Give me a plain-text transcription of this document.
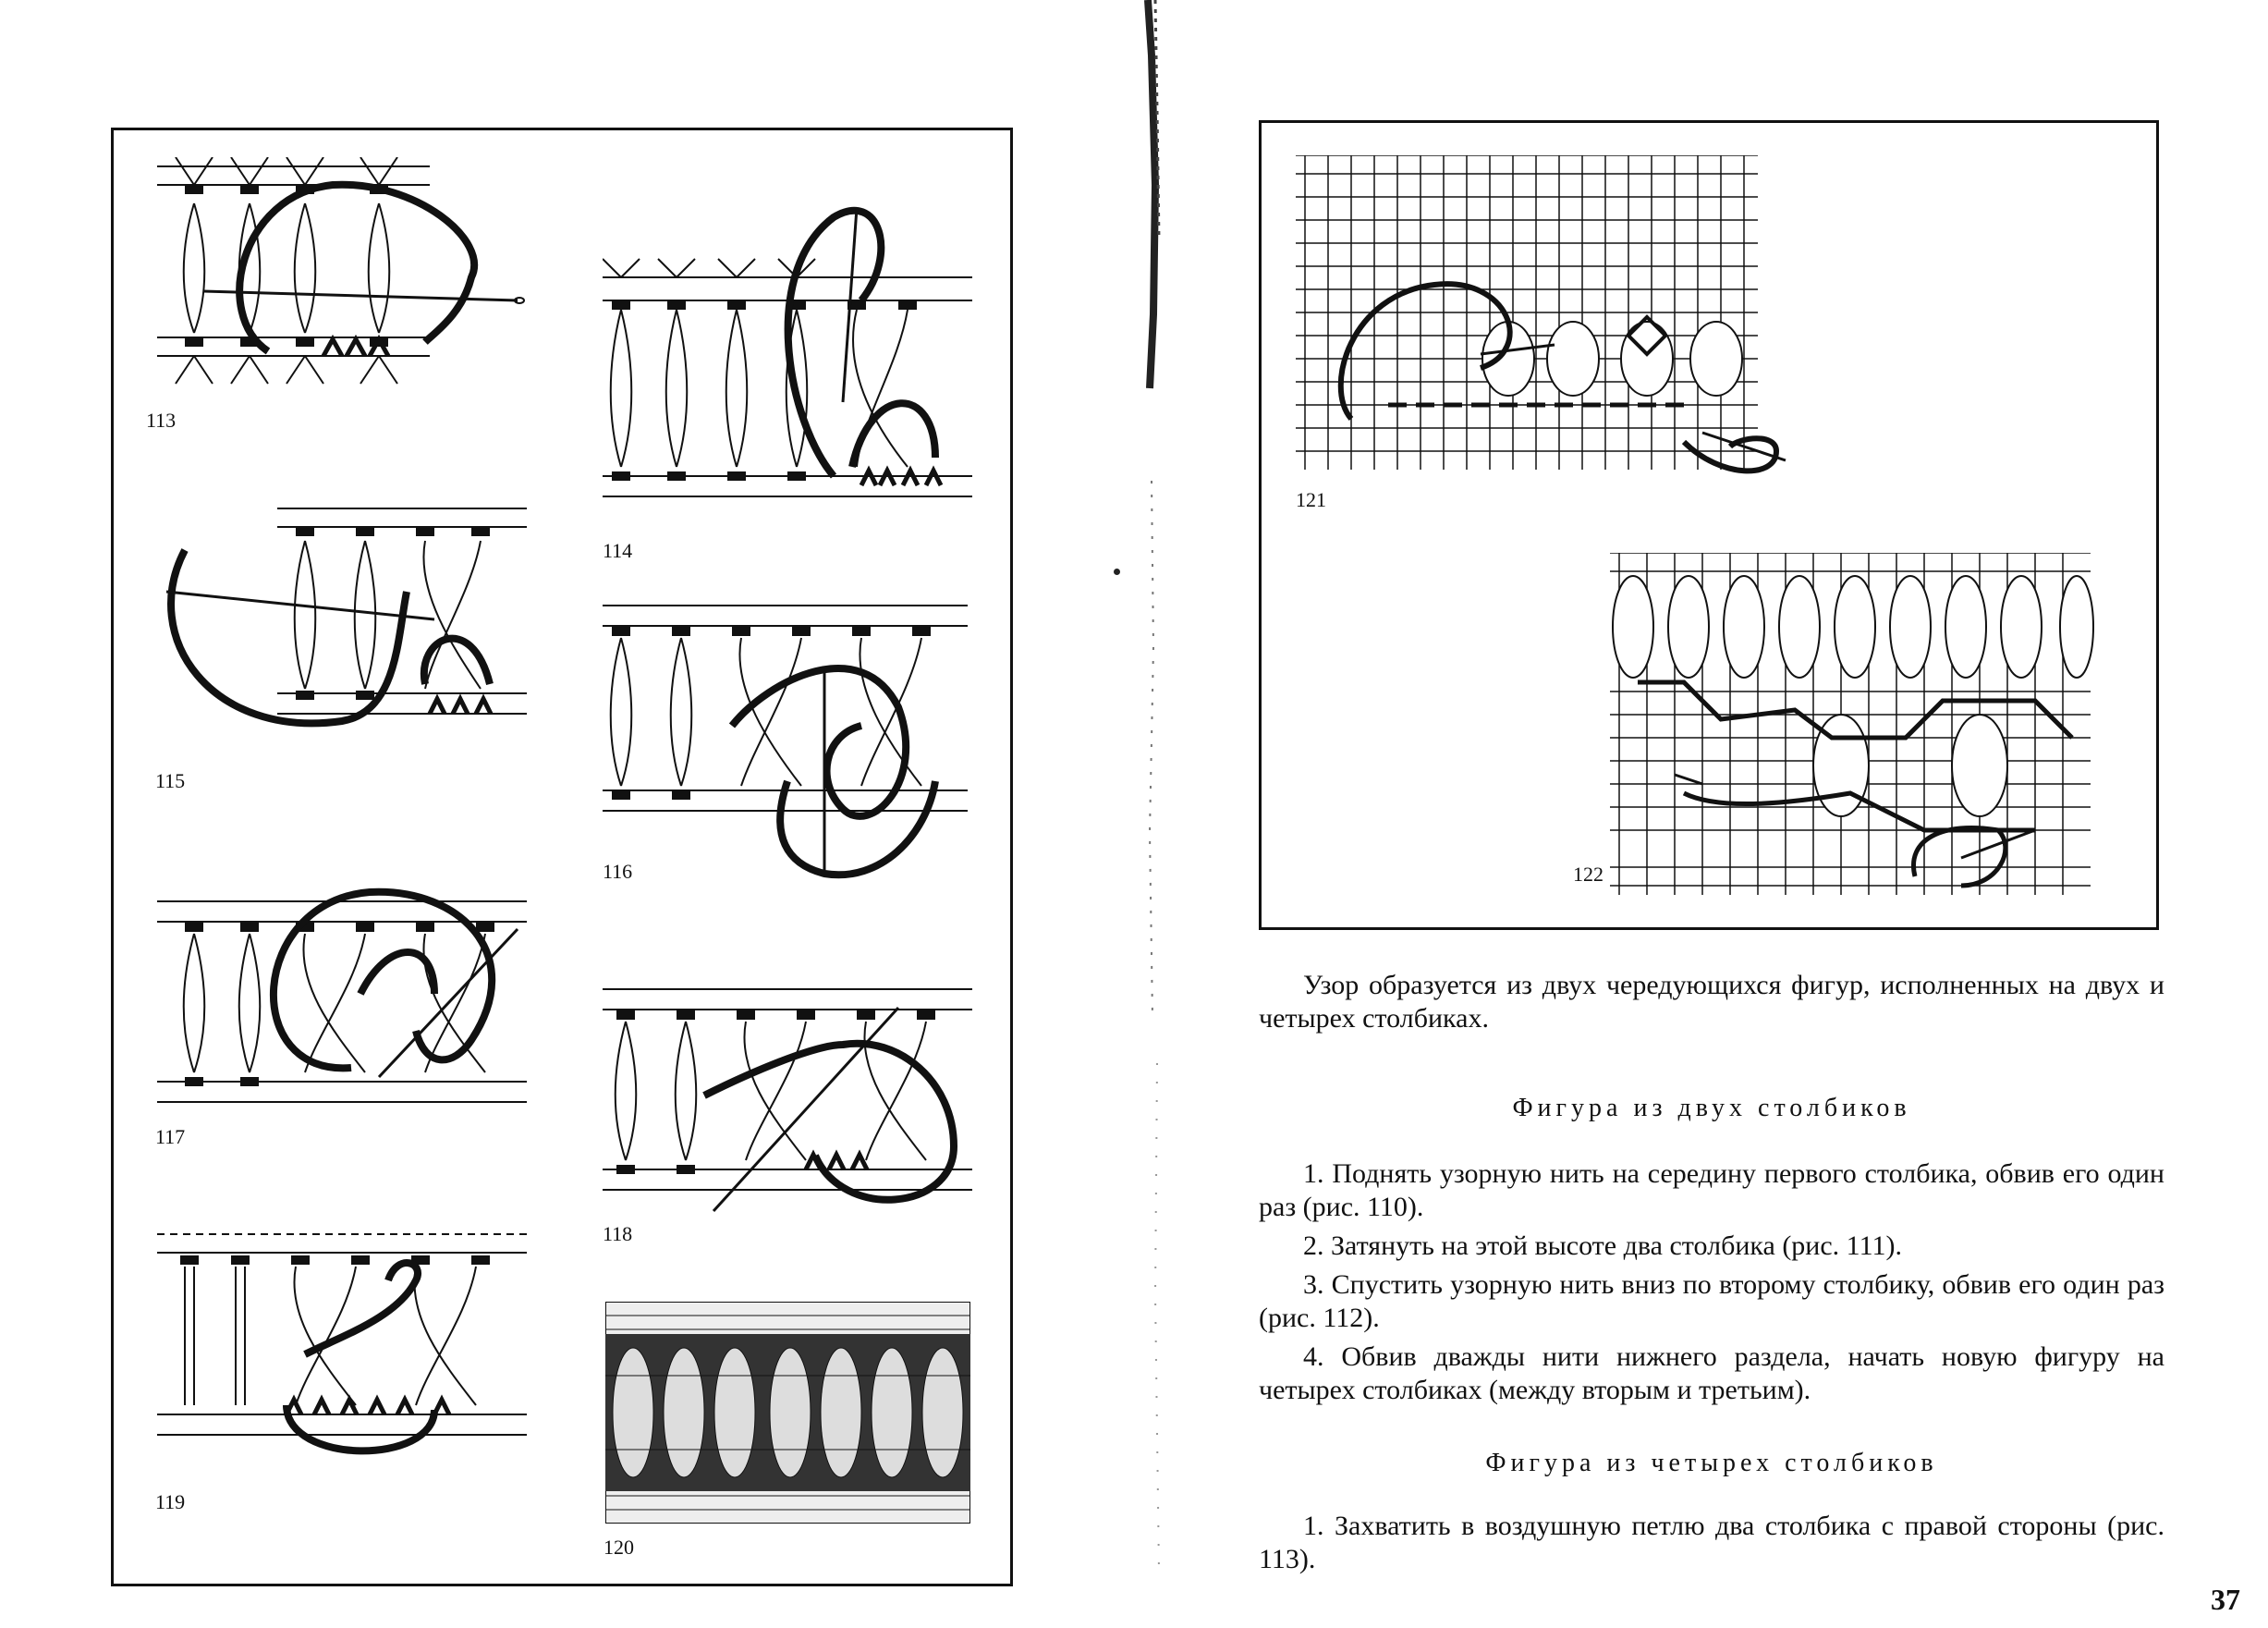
113
114
115
116
117
118
119
120
121
122

Узор образуется из двух чередующихся фигур, исполненных на двух и четырех столбиках.

Фигура из двух столбиков

1. Поднять узорную нить на середину первого столбика, обвив его один раз (рис. 110).

2. Затянуть на этой высоте два столбика (рис. 111).

3. Спустить узорную нить вниз по второму столбику, обвив его один раз (рис. 112).

4. Обвив дважды нити нижнего раздела, начать новую фигуру на четырех столбиках (между вторым и третьим).

Фигура из четырех столбиков

1. Захватить в воздушную петлю два столбика с правой стороны (рис. 113).

37
